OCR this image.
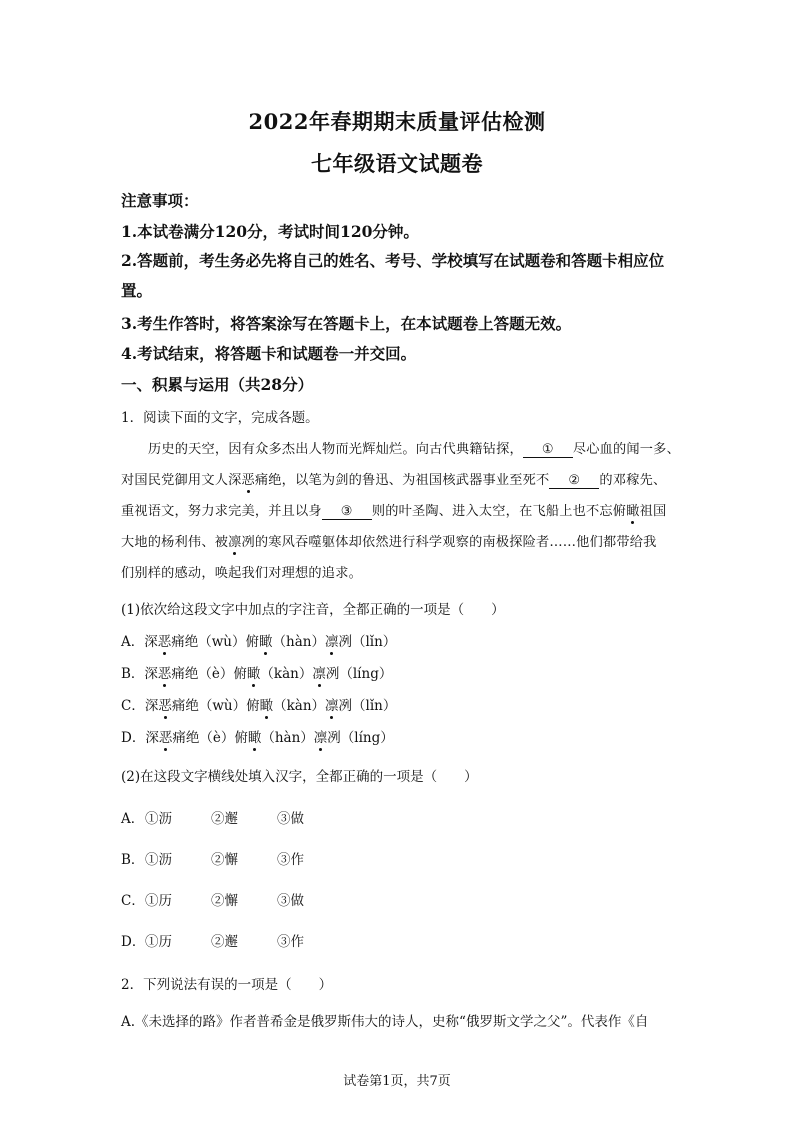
2022年春期期末质量评估检测
七年级语文试题卷
注意事项：
1.本试卷满分120分，考试时间120分钟。
2.答题前，考生务必先将自己的姓名、考号、学校填写在试题卷和答题卡相应位置。
3.考生作答时，将答案涂写在答题卡上，在本试题卷上答题无效。
4.考试结束，将答题卡和试题卷一并交回。
一、积累与运用（共28分）
1．阅读下面的文字，完成各题。
历史的天空，因有众多杰出人物而光辉灿烂。向古代典籍钻探， ① 尽心血的闻一多、
对国民党御用文人深恶痛绝，以笔为剑的鲁迅、为祖国核武器事业至死不 ② 的邓稼先、
重视语文，努力求完美，并且以身 ③ 则的叶圣陶、进入太空，在飞船上也不忘俯瞰祖国
大地的杨利伟、被凛冽的寒风吞噬躯体却依然进行科学观察的南极探险者……他们都带给我
们别样的感动，唤起我们对理想的追求。
(1)依次给这段文字中加点的字注音，全都正确的一项是（　　）
A．深恶痛绝（wù）俯瞰（hàn）凛冽（lǐn）
B．深恶痛绝（è）俯瞰（kàn）凛冽（líng）
C．深恶痛绝（wù）俯瞰（kàn）凛冽（lǐn）
D．深恶痛绝（è）俯瞰（hàn）凛冽（líng）
(2)在这段文字横线处填入汉字，全都正确的一项是（　　）
A．①沥	②邂	③做
B．①沥	②懈	③作
C．①历	②懈	③做
D．①历	②邂	③作
2．下列说法有误的一项是（　　）
A.《未选择的路》作者普希金是俄罗斯伟大的诗人，史称“俄罗斯文学之父”。代表作《自
试卷第1页，共7页
